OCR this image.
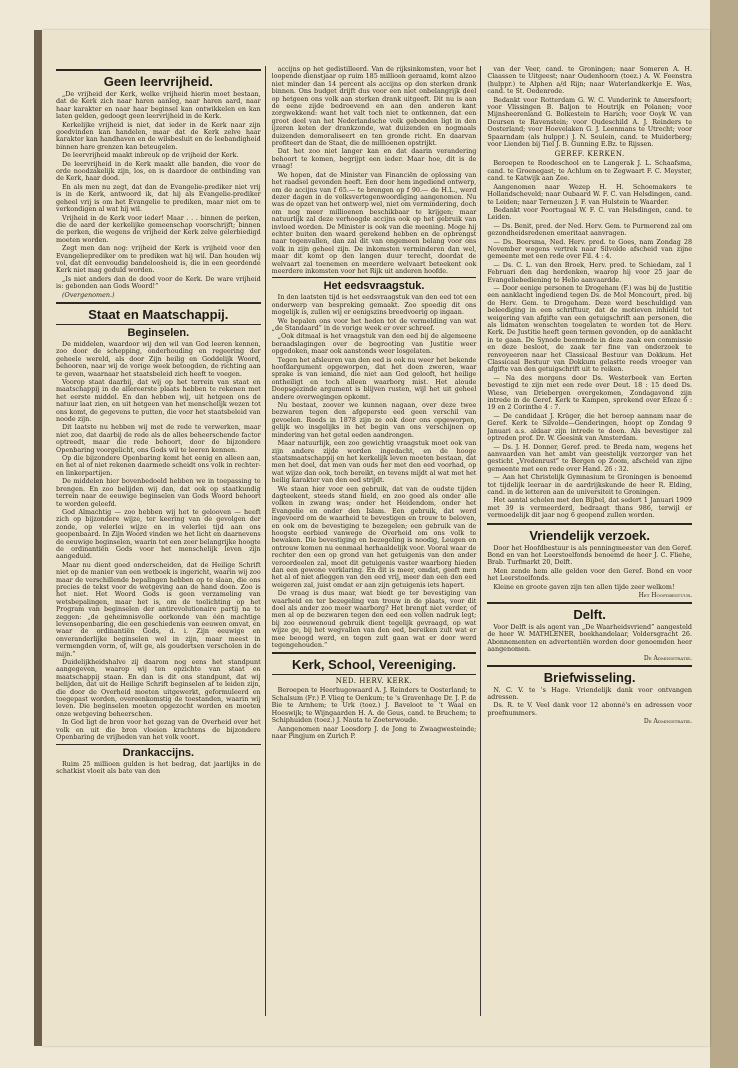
Geen leervrijheid.

„De vrijheid der Kerk, welke vrijheid hierin moet bestaan, dat de Kerk zich naar haren aanleg, naar haren aard, naar haar karakter en naar haar beginsel kan ontwikkelen en kan laten gelden, gedoogt geen leervrijheid in de Kerk.

Kerkelijke vrijheid is niet, dat ieder in de Kerk naar zijn goedvinden kan handelen, maar dat de Kerk zelve haar karakter kan handhaven en de wilsbesluit en de leebandigheid binnen hare grenzen kan beteugelen.

De leervrijheid maakt inbreuk op de vrijheid der Kerk.

De leervrijheid in de Kerk maakt alle banden, die voor de orde noodzakelijk zijn, los, en is daardoor de ontbinding van de Kerk, haar dood.

En als men nu zegt, dat dan de Evangelie-prediker niet vrij is in de Kerk, antwoord ik, dat hij als Evangelie-prediker geheel vrij is om het Evangelie te prediken, maar niet om te verkondigen al wat hij wil.

Vrijheid in de Kerk voor ieder! Maar . . . binnen de perken, die de aard der kerkelijke gemeenschap voorschrijft; binnen de perken, die wegens de vrijheid der Kerk zelve gelerbiedigd moeten worden.

Zegt men dan nog: vrijheid der Kerk is vrijheid voor den Evangelieprediker om te prediken wat hij wil. Dan houden wij vol, dat dit eenvoudig bandeloosheid is, die in een geordende Kerk niet mag geduld worden.

„Is niet anders dan de dood voor de Kerk. De ware vrijheid is: gebonden aan Gods Woord!”

(Overgenomen.)

Staat en Maatschappij.
Beginselen.

De middelen, waardoor wij den wil van God leeren kennen, zoo door de schepping, onderhouding en regeering der geheele wereld, als door Zijn heilig en Goddelijk Woord, behooren, naar wij de vorige week betoogden, de richting aan te geven, waarnaar het staatsbeleid zich heeft te voegen.

Voorop staat daarbij, dat wij op het terrein van staat en maatschappij in de allereerste plaats hebben te rekenen met het eerste middel. En dan hebben wij, uit hetgeen ons de natuur laat zien, en uit hetgeen van het menschelijk wezen tot ons komt, de gegevens te putten, die voor het staatsbeleid van noode zijn.

Dit laatste nu hebben wij met de rede te verwerken, maar niet zoo, dat daarbij de rede als de alles beheerschende factor optreedt, maar die rede behoort, door de bijzondere Openbaring voorgelicht, ons Gods wil te leeren kennen.

Op die bijzondere Openbaring komt het eenig en alleen aan, en het al of niet rekenen daarmede scheidt ons volk in rechter- en linkerpartijen.

De middelen hier bovenbedoeld hebben we in toepassing te brengen. En zoo belijden wij dan, dat ook op staatkundig terrein naar de eeuwige beginselen van Gods Woord behoort te worden geleefd.

God Almachtig — zoo hebben wij het te gelooven — heeft zich op bijzondere wijze, ter keering van de gevolgen der zonde, op velerlei wijze en in velerlei tijd aan ons geopenbaard. In Zijn Woord vinden we het licht en daarnevens de eeuwige beginselen, waarin tot een zeer belangrijke hoogte de ordinantiën Gods voor het menschelijk leven zijn aangeduid.

Maar nu dient goed onderscheiden, dat de Heilige Schrift niet op de manier van een wetboek is ingericht, waarin wij zoo maar de verschillende bepalingen hebben op te slaan, die ons precies de tekst voor de wetgeving aan de hand doen. Zoo is het niet. Het Woord Gods is geen verzameling van wetsbepalingen, maar het is, om de toelichting op het Program van beginselen der antirevolutionaire partij na te zeggen: „de geheimnisvolle oorkonde van één machtige levensopenbaring, die een geschiedenis van eeuwen omvat, en waar de ordinantiën Gods, d. i. Zijn eeuwige en onveranderlijke beginselen wel in zijn, maar meest in vermengden vorm, of, wilt ge, als goudertsen verscholen in de mijn.”

Duidelijkheidshalve zij daarom nog eens het standpunt aangegeven, waarop wij ten opzichte van staat en maatschappij staan. En dan is dit ons standpunt, dat wij belijden, dat uit de Heilige Schrift beginselen af te leiden zijn, die door de Overheid moeten uitgewerkt, geformuleerd en toegepast worden, overeenkomstig de toestanden, waarin wij leven. Die beginselen moeten opgezocht worden en moeten onze wetgeving beheerschen.

In God ligt de bron voor het gezag van de Overheid over het volk en uit die bron vloeien krachtens de bijzondere Openbaring de vrijheden van het volk voort.

Drankaccijns.

Ruim 25 millioen gulden is het bedrag, dat jaarlijks in de schatkist vloeit als bate van den

accijns op het gedistilleerd. Van de rijksinkomsten, voor het loopende dienstjaar op ruim 185 millioen geraamd, komt alzoo niet minder dan 14 percent als accijns op den sterken drank binnen. Ons budget drijft dus voor een niet onbelangrijk deel op hetgeen ons volk aan sterken drank uitgeeft. Dit nu is aan de eene zijde bedroevend en aan den anderen kant zorgwekkend: want het valt toch niet te ontkennen, dat een groot deel van het Nederlandsche volk gebonden ligt in den ijzeren keten der drankzonde, wat duizenden en nogmaals duizenden demoraliseert en ten gronde richt. En daarvan profiteert dan de Staat, die de millioenen opstrijkt.

Dat het zoo niet langer kan en dat daarin verandering behoort te komen, begrijpt een ieder. Maar hoe, dit is de vraag!

We hopen, dat de Minister van Financiën de oplossing van het raadsel gevonden heeft. Een door hem ingediend ontwerp, om de accijns van f 65.— te brengen op f 90.— de H.L., werd dezer dagen in de volksvertegenwoordiging aangenomen. Nu was de opzet van het ontwerp wel, niet om vermindering, doch om nog meer millioenen beschikbaar te krijgen; maar natuurlijk zal deze verhoogde accijns ook op het gebruik van invloed worden. De Minister is ook van die meening. Moge hij echter buiten den waard gerekend hebben en de opbrengst naar tegenvallen, dan zal dit van ongemeen belang voor ons volk in zijn geheel zijn. De inkomsten verminderen dan wel, maar dit komt op den langen duur terecht, doordat de welvaart zal toenemen en meerdere welvaart beteekent ook meerdere inkomsten voor het Rijk uit anderen hoofde.

Het eedsvraagstuk.

In den laatsten tijd is het eedsvraagstuk van den eed tot een onderwerp van bespreking gemaakt. Zoo spoedig dit ons mogelijk is, zullen wij er eenigszins breedvoerig op ingaan.

We bepalen ons voor het heden tot de vermelding van wat „de Standaard” in de vorige week er over schreef.

„Ook ditmaal is het vraagstuk van den eed bij de algemeene beraadslagingen over de begrooting van Justitie weer opgedoken, maar ook aanstonds weer losgelaten.

Tegen het afsleuren van den eed is ook nu weer het bekende hoofdargument opgeworpen, dat het doen zweren, waar sprake is van iemand, die niet aan God gelooft, het heilige ontheiligt en toch alleen waarborg mist. Het aloude Doopsgezinde argument is blijven rusten, wijl het uit geheel andere overwegingen opkomt.

Nu bestaat, zoover we kunnen nagaan, over deze twee bezwaren tegen den afgeperste eed geen verschil van gevoelen. Reeds in 1878 zijn ze ook door ons opgeworpen, gelijk wo insgelijks in het begin van ons verschijnen op mindering van het getal eeden aandrongen.

Maar natuurlijk, een zoo gewichtig vraagstuk moet ook van zijn andere zijde worden ingedacht, en de hooge staatsmaatschappij en het kerkelijk leven moeten bestaan, dat men het doel, dat men van ouds her met den eed voorhad, op wat wijze dan ook, toch bereikt, en tevens mijdt al wat met het heilig karakter van den eed strijdt.

We staan hier voor een gebruik, dat van de oudste tijden dagteekent, steeds stand hield, en zoo goed als onder alle volken in zwang was; onder het Heidendom, onder het Evangelie en onder den Islam. Een gebruik, dat werd ingevoerd om de waarheid te bevestigen en trouw te beloven, en ook om de bevestiging te bezegelen; een gebruik van de hoogste eerbied vanwege de Overheid om ons volk te bewaken. Die bevestiging en bezegeling is noodig, Leugen en ontrouw komen nu eenmaal herhaaldelijk voor. Vooral waar de rechter den een op grond van het getuigenis van den ander veroordeelen zal, moet dit getuigenis vaster waarborg hieden dan een gewone verklaring. En dit is meer, omdat, geeft men het al of niet afleggen van den eed vrij, meer dan een den eed weigeren zal, juist omdat er aan zijn getuigenis iets hapert.

De vraag is dus maar, wat biedt ge ter bevestiging van waarheid en ter bezegeling van trouw in de plaats, voor dit doel als ander zoo meer waarborg? Het brengt niet verder, of men al op de bezwaren tegen den eed een vollen nadruk legt; bij zoo eeuwenoud gebruik dient tegelijk gevraagd, op wat wijze ge, bij het wegvallen van den eed, bereiken zult wat er mee beoogd werd, en tegen zult gaan wat er door werd tegengehouden.”

Kerk, School, Vereeniging.
NED. HERV. KERK.

Beroepen te Heerhugowaard A. J. Reinders te Oosterland; te Schalsum (Fr.) P. Vlieg te Oenkum; te 's Gravenhage Dr. J. P. de Bie te Arnhem; te Urk (toez.) J. Baveloot te 't Waal en Hoeswijk; te Wijngaarden H. A. de Geus, cand. te Bruchem; te Schiphuiden (toez.) J. Nauta te Zoeterwoude.

Aangenomen naar Loosdorp J. de Jong te Zwaagwesteinde; naar Pingjum en Zurich P.

van der Veer, cand. te Groningen; naar Someren A. H. Claassen te Uitgeest; naar Oudenhoorn (toez.) A. W. Feenstra (hulppr.) te Alphen a/d Rijn; naar Waterlandkerkje E. Was, cand. te St. Oedenrode.

Bedankt voor Rotterdam G. W. C. Vunderink te Amersfoort; voor Vlissingen B. Baljon te Houtrijk en Polanen; voor Mijnsheerenland G. Bolkestein te Harich; voor Ooyk W. van Deursen te Ravenstein; voor Oudeschild A. J. Reinders te Oosterland; voor Hoevelaken G. J. Leenmans te Utrecht; voor Spaarndam (als hulppr.) J. N. Seulein, cand. te Muiderberg; voor Lienden bij Tiel J. B. Gunning E.Bz. te Rijssen.

GEREF. KERKEN.

Beroepen te Roodeschool en te Langerak J. L. Schaafsma, cand. te Groenegast; te Achlum en te Zegwaart F. C. Meyster, cand. te Katwijk aan Zee.

Aangenomen naar Wezep H. H. Schoemakers te Hollandscheveld; naar Oubaard W. F. C. van Helsdingen, cand. te Leiden; naar Terneuzen J. F. van Hulstein te Waarder.

Bedankt voor Poortugaal W. F. C. van Helsdingen, cand. te Leiden.

— Ds. Benit, pred. der Ned. Herv. Gem. te Purmerend zal om gezondheidsredenen emeritaat aanvragen.

— Ds. Boersma, Ned. Herv. pred. te Goes, nam Zondag 28 November wegens vertrek naar Silvolde afscheid van zijne gemeente met een rede over Fil. 4 : 4.

— Ds. C. L. van den Broek, Herv. pred. te Schiedam, zal 1 Februari den dag herdenken, waarop hij voor 25 jaar de Evangeliebediening te Helio aanvaardde.

— Door eenige personen te Drogeham (F.) was bij de Justitie een aanklacht ingediend tegen Ds. de Mol Moncourt, pred. bij de Herv. Gem. te Drogeham. Deze werd beschuldigd van beleediging in een schriftuur, dat de motieven inhield tot weigering van afgifte van een getuigschrift aan personen, die als lidmaten wenschten toegelaten te worden tot de Herv. Kerk. De Justitie heeft geen termen gevonden, op de aanklacht in te gaan. De Synode beenmede in deze zaak een commissie en deze besloot, de zaak ter fine van onderzoek te renvoyeeren naar het Classicaal Bestuur van Dokkum. Het Classicaal Bestuur van Dokkum gelastte reeds vroeger van afgifte van den getuigschrift uit te reiken.

— Na des morgens door Ds. Westerbeek van Eerten bevestigd te zijn met een rede over Deut. 18 : 15 deed Ds. Wiese, van Driebergen overgekomen, Zondagavond zijn intrede in de Geref. Kerk te Kampen, sprekend over Efeze 6 : 19 en 2 Corinthe 4 : 7.

— De candidaat J. Krüger, die het beroep aannam naar de Geref. Kerk te Silvolde—Genderingen, hoopt op Zondag 9 Januari a.s. aldaar zijn intrede te doen. Als bevestiger zal optreden prof. Dr. W. Geesink van Amsterdam.

— Ds. J. H. Donner, Geref. pred. te Breda nam, wegens het aanvaarden van het ambt van geestelijk verzorger van het gesticht „Vredenrust” te Bergen op Zoom, afscheid van zijne gemeente met een rede over Hand. 26 : 32.

— Aan het Christelijk Gymnasium te Groningen is benoemd tot tijdelijk leeraar in de aardrijkskunde de heer R. Elding, cand. in de letteren aan de universiteit te Groningen.

Het aantal scholen met den Bijbel, dat sedert 1 Januari 1909 met 39 is vermeerderd, bedraagt thans 986, terwijl er vermoedelijk dit jaar nog 6 geopend zullen worden.

Vriendelijk verzoek.

Door het Hoofdbestuur is als penningmeester van den Geref. Bond en van het Leerstoelfonds benoemd de heer J. C. Fliehe, Brab. Turfmarkt 20, Delft.

Men zende hem alle gelden voor den Geref. Bond en voor het Leerstoelfonds.

Kleine en groote gaven zijn ten allen tijde zeer welkom!

Het Hoofdbestuur.
Delft.

Voor Delft is als agent van „De Waarheidsvriend” aangesteld de heer W. MATHLENER, boekhandelaar, Voldersgracht 26. Abonnementen en advertentiën worden door genoemden heer aangenomen.

De Administratie.
Briefwisseling.

N. C. V. te 's Hage. Vriendelijk dank voor ontvangen adressen.

Ds. R. te V. Veel dank voor 12 abonné's en adressen voor proefnummers.

De Administratie.
